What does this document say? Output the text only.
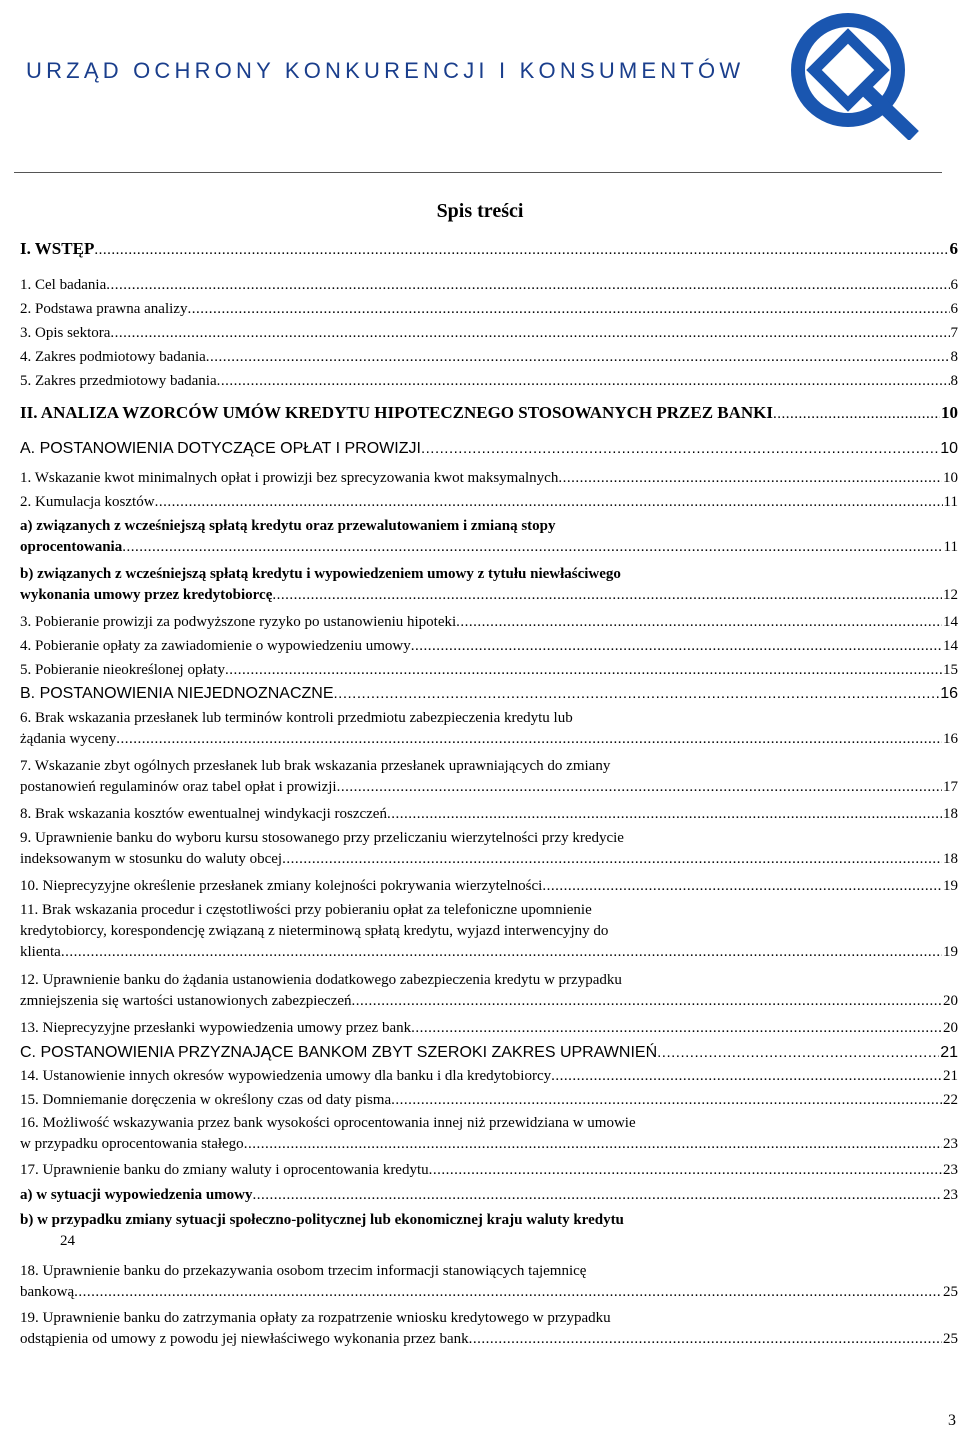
URZĄD OCHRONY KONKURENCJI I KONSUMENTÓW
Spis treści
I. WSTĘP .....	6
1. Cel badania .....	6
2. Podstawa prawna analizy .....	6
3. Opis sektora .....	7
4. Zakres podmiotowy badania .....	8
5. Zakres przedmiotowy badania .....	8
II. ANALIZA WZORCÓW UMÓW KREDYTU HIPOTECZNEGO STOSOWANYCH PRZEZ BANKI .....	10
A. POSTANOWIENIA DOTYCZĄCE OPŁAT I PROWIZJI .....	10
1. Wskazanie kwot minimalnych opłat i prowizji bez sprecyzowania kwot maksymalnych .....	10
2. Kumulacja kosztów .....	11
a) związanych z wcześniejszą spłatą kredytu oraz przewalutowaniem i zmianą stopy
oprocentowania .....	11
b) związanych z wcześniejszą spłatą kredytu i wypowiedzeniem umowy z tytułu niewłaściwego
wykonania umowy przez kredytobiorcę .....	12
3. Pobieranie prowizji za podwyższone ryzyko po ustanowieniu hipoteki .....	14
4. Pobieranie opłaty za zawiadomienie o wypowiedzeniu umowy .....	14
5. Pobieranie nieokreślonej opłaty .....	15
B. POSTANOWIENIA NIEJEDNOZNACZNE .....	16
6. Brak wskazania przesłanek lub terminów kontroli przedmiotu zabezpieczenia kredytu lub
żądania wyceny .....	16
7. Wskazanie zbyt ogólnych przesłanek lub brak wskazania przesłanek uprawniających do zmiany
postanowień regulaminów oraz tabel opłat i prowizji .....	17
8. Brak wskazania kosztów ewentualnej windykacji roszczeń .....	18
9. Uprawnienie banku do wyboru kursu stosowanego przy przeliczaniu wierzytelności przy kredycie
indeksowanym w stosunku do waluty obcej .....	18
10. Nieprecyzyjne określenie przesłanek zmiany kolejności pokrywania wierzytelności .....	19
11. Brak wskazania procedur i częstotliwości przy pobieraniu opłat za telefoniczne upomnienie
kredytobiorcy, korespondencję związaną z nieterminową spłatą kredytu, wyjazd interwencyjny do
klienta .....	19
12. Uprawnienie banku do żądania ustanowienia dodatkowego zabezpieczenia kredytu w przypadku
zmniejszenia się wartości ustanowionych zabezpieczeń .....	20
13. Nieprecyzyjne przesłanki wypowiedzenia umowy przez bank .....	20
C. POSTANOWIENIA PRZYZNAJĄCE BANKOM ZBYT SZEROKI ZAKRES UPRAWNIEŃ .....	21
14. Ustanowienie innych okresów wypowiedzenia umowy dla banku i dla kredytobiorcy .....	21
15. Domniemanie doręczenia w określony czas od daty pisma .....	22
16. Możliwość wskazywania przez bank wysokości oprocentowania innej niż przewidziana w umowie
w przypadku oprocentowania stałego .....	23
17. Uprawnienie banku do zmiany waluty i oprocentowania kredytu .....	23
a) w sytuacji wypowiedzenia umowy .....	23
b) w przypadku zmiany sytuacji społeczno-politycznej lub ekonomicznej kraju waluty kredytu
24
18. Uprawnienie banku do przekazywania osobom trzecim informacji stanowiących tajemnicę
bankową .....	25
19. Uprawnienie banku do zatrzymania opłaty za rozpatrzenie wniosku kredytowego w przypadku
odstąpienia od umowy z powodu jej niewłaściwego wykonania przez bank .....	25
3
